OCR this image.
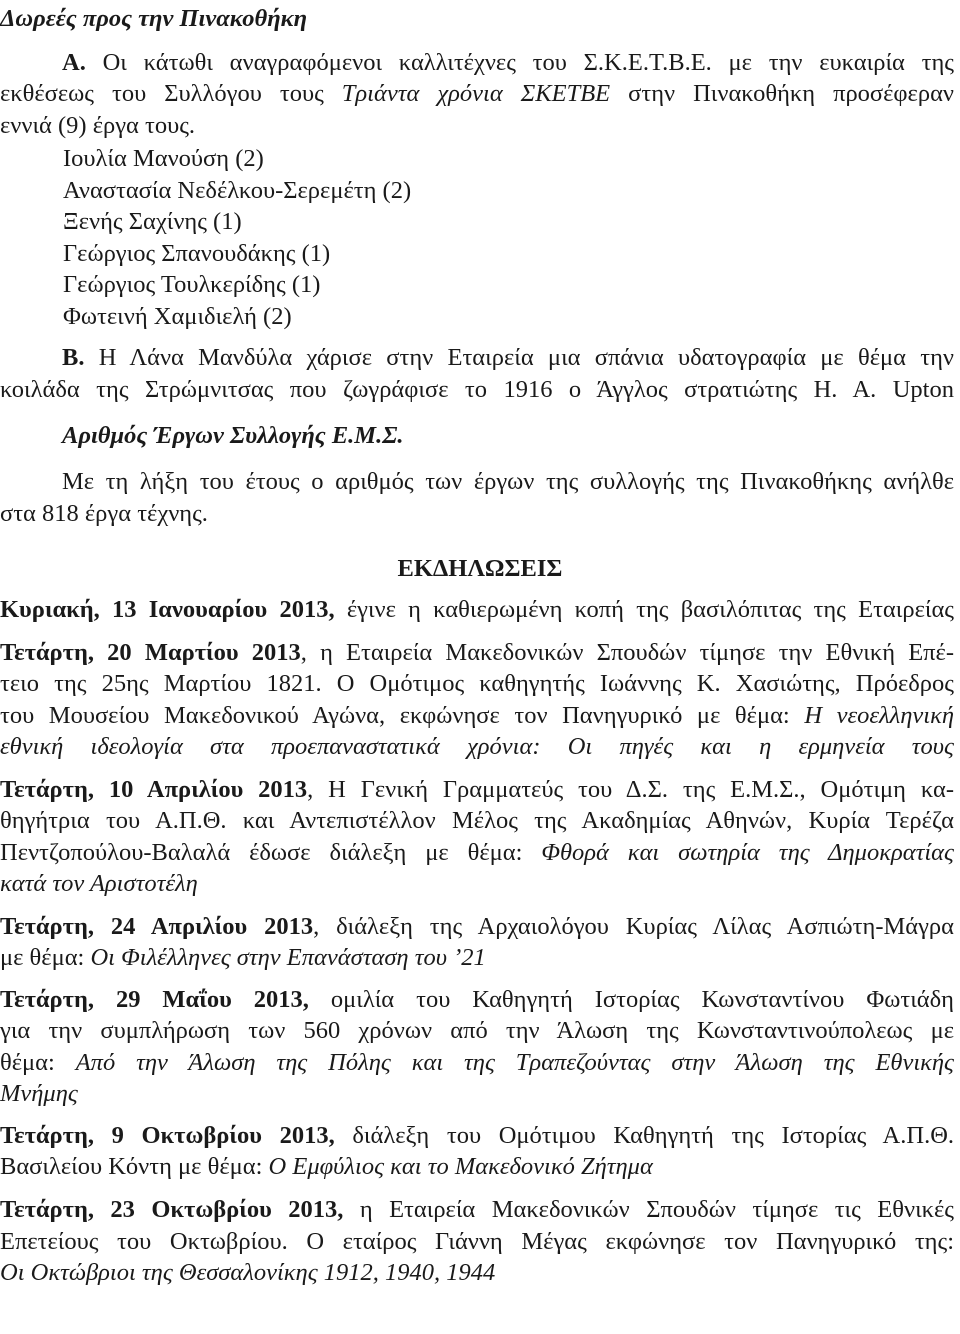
Δωρεές προς την Πινακοθήκη
Α. Οι κάτωθι αναγραφόμενοι καλλιτέχνες του Σ.Κ.Ε.Τ.Β.Ε. με την ευκαιρία της
εκθέσεως του Συλλόγου τους Τριάντα χρόνια ΣΚΕΤΒΕ στην Πινακοθήκη προσέφεραν
εννιά (9) έργα τους.
Ιουλία Μανούση (2)
Αναστασία Νεδέλκου-Σερεμέτη (2)
Ξενής Σαχίνης (1)
Γεώργιος Σπανουδάκης (1)
Γεώργιος Τουλκερίδης (1)
Φωτεινή Χαμιδιελή (2)
Β. Η Λάνα Μανδύλα χάρισε στην Εταιρεία μια σπάνια υδατογραφία με θέμα την
κοιλάδα της Στρώμνιτσας που ζωγράφισε το 1916 ο Άγγλος στρατιώτης Η. Α. Upton
Αριθμός Έργων Συλλογής Ε.Μ.Σ.
Με τη λήξη του έτους ο αριθμός των έργων της συλλογής της Πινακοθήκης ανήλθε
στα 818 έργα τέχνης.
ΕΚΔΗΛΩΣΕΙΣ
Κυριακή, 13 Ιανουαρίου 2013, έγινε η καθιερωμένη κοπή της βασιλόπιτας της Εταιρείας
Τετάρτη, 20 Μαρτίου 2013, η Εταιρεία Μακεδονικών Σπουδών τίμησε την Εθνική Επέ-
τειο της 25ης Μαρτίου 1821. Ο Ομότιμος καθηγητής Ιωάννης Κ. Χασιώτης, Πρόεδρος
του Μουσείου Μακεδονικού Αγώνα, εκφώνησε τον Πανηγυρικό με θέμα: Η νεοελληνική
εθνική ιδεολογία στα προεπαναστατικά χρόνια: Οι πηγές και η ερμηνεία τους
Τετάρτη, 10 Απριλίου 2013, Η Γενική Γραμματεύς του Δ.Σ. της Ε.Μ.Σ., Ομότιμη κα-
θηγήτρια του Α.Π.Θ. και Αντεπιστέλλον Μέλος της Ακαδημίας Αθηνών, Κυρία Τερέζα
Πεντζοπούλου-Βαλαλά έδωσε διάλεξη με θέμα: Φθορά και σωτηρία της Δημοκρατίας
κατά τον Αριστοτέλη
Τετάρτη, 24 Απριλίου 2013, διάλεξη της Αρχαιολόγου Κυρίας Λίλας Ασπιώτη-Μάγρα
με θέμα: Οι Φιλέλληνες στην Επανάσταση του ’21
Τετάρτη, 29 Μαΐου 2013, ομιλία του Καθηγητή Ιστορίας Κωνσταντίνου Φωτιάδη
για την συμπλήρωση των 560 χρόνων από την Άλωση της Κωνσταντινούπολεως με
θέμα: Από την Άλωση της Πόλης και της Τραπεζούντας στην Άλωση της Εθνικής
Μνήμης
Τετάρτη, 9 Οκτωβρίου 2013, διάλεξη του Ομότιμου Καθηγητή της Ιστορίας Α.Π.Θ.
Βασιλείου Κόντη με θέμα: Ο Εμφύλιος και το Μακεδονικό Ζήτημα
Τετάρτη, 23 Οκτωβρίου 2013, η Εταιρεία Μακεδονικών Σπουδών τίμησε τις Εθνικές
Επετείους του Οκτωβρίου. Ο εταίρος Γιάννη Μέγας εκφώνησε τον Πανηγυρικό της:
Οι Οκτώβριοι της Θεσσαλονίκης 1912, 1940, 1944
